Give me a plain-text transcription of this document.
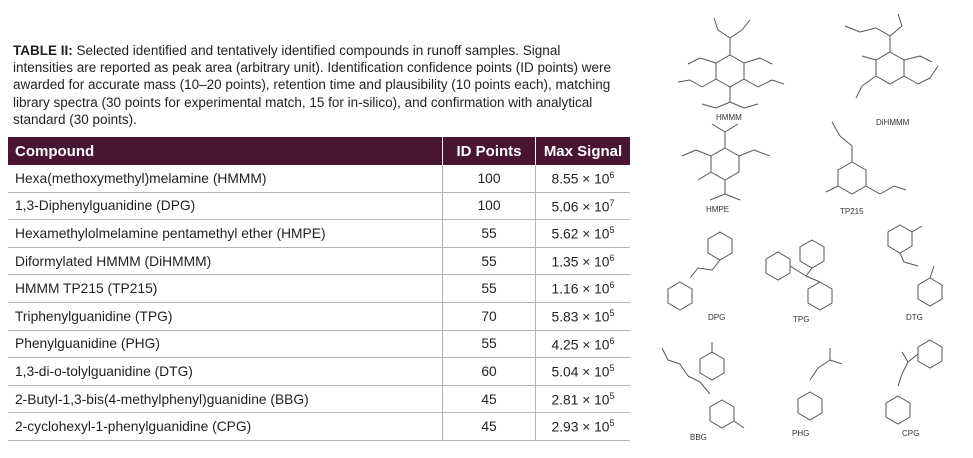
TABLE II: Selected identified and tentatively identified compounds in runoff samples. Signal intensities are reported as peak area (arbitrary unit). Identification confidence points (ID points) were awarded for accurate mass (10–20 points), retention time and plausibility (10 points each), matching library spectra (30 points for experimental match, 15 for in-silico), and confirmation with analytical standard (30 points).
Compound	ID Points	Max Signal
Hexa(methoxymethyl)melamine (HMMM)	100	$8.55 \times 10^6$
1,3-Diphenylguanidine (DPG)	100	$5.06 \times 10^7$
Hexamethylolmelamine pentamethyl ether (HMPE)	55	$5.62 \times 10^5$
Diformylated HMMM (DiHMMM)	55	$1.35 \times 10^6$
HMMM TP215 (TP215)	55	$1.16 \times 10^6$
Triphenylguanidine (TPG)	70	$5.83 \times 10^5$
Phenylguanidine (PHG)	55	$4.25 \times 10^6$
1,3-di-o-tolylguanidine (DTG)	60	$5.04 \times 10^5$
2-Butyl-1,3-bis(4-methylphenyl)guanidine (BBG)	45	$2.81 \times 10^5$
2-cyclohexyl-1-phenylguanidine (CPG)	45	$2.93 \times 10^5$
HMMM
DiHMMM
HMPE	TP215
DPG	TPG	DTG
BBG	PHG	CPG
